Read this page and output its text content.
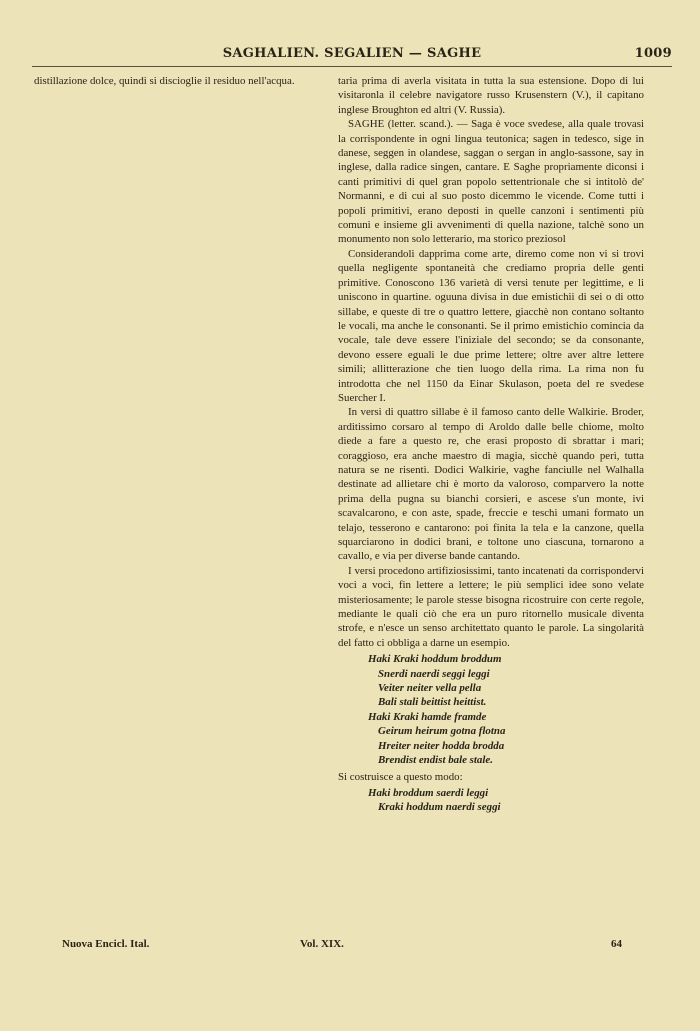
SAGHALIEN. SEGALIEN — SAGHE	1009

distillazione dolce, quindi si discioglie il residuo nell'acqua.	taria prima di averla visitata in tutta la sua estensione. Dopo di lui visitaronla il celebre navigatore russo Krusenstern (V.), il capitano inglese Broughton ed altri (V. Russia).

SAGHE (letter. scand.). — Saga è voce svedese, alla quale trovasi la corrispondente in ogni lingua teutonica; sagen in tedesco, sige in danese, seggen in olandese, saggan o sergan in anglo-sassone, say in inglese, dalla radice singen, cantare. E Saghe propriamente diconsi i canti primitivi di quel gran popolo settentrionale che si intitolò de' Normanni, e di cui al suo posto dicemmo le vicende. Come tutti i popoli primitivi, erano deposti in quelle canzoni i sentimenti più comuni e insieme gli avvenimenti di quella nazione, talchè sono un monumento non solo letterario, ma storico preziosol

Considerandoli dapprima come arte, diremo come non vi si trovi quella negligente spontaneità che crediamo propria delle genti primitive. Conoscono 136 varietà di versi tenute per legittime, e li uniscono in quartine. oguuna divisa in due emistichii di sei o di otto sillabe, e queste di tre o quattro lettere, giacchè non contano soltanto le vocali, ma anche le consonanti. Se il primo emistichio comincia da vocale, tale deve essere l'iniziale del secondo; se da consonante, devono essere eguali le due prime lettere; oltre aver altre lettere simili; allitterazione che tien luogo della rima. La rima non fu introdotta che nel 1150 da Einar Skulason, poeta del re svedese Suercher I.

In versi di quattro sillabe è il famoso canto delle Walkirie. Broder, arditissimo corsaro al tempo di Aroldo dalle belle chiome, molto diede a fare a questo re, che erasi proposto di sbrattar i mari; coraggioso, era anche maestro di magia, sicchè quando perì, tutta natura se ne risentì. Dodici Walkirie, vaghe fanciulle nel Walhalla destinate ad allietare chi è morto da valoroso, comparvero la notte prima della pugna su bianchi corsieri, e ascese s'un monte, ivi scavalcarono, e con aste, spade, freccie e teschi umani formato un telajo, tesserono e cantarono: poi finita la tela e la canzone, quella squarciarono in dodici brani, e toltone uno ciascuna, tornarono a cavallo, e via per diverse bande cantando.

I versi procedono artifiziosissimi, tanto incatenati da corrispondervi voci a voci, fin lettere a lettere; le più semplici idee sono velate misteriosamente; le parole stesse bisogna ricostruire con certe regole, mediante le quali ciò che era un puro ritornello musicale diventa strofe, e n'esce un senso architettato quanto le parole. La singolarità del fatto ci obbliga a darne un esempio.

Haki Kraki hoddum broddum
Snerdi naerdi seggi leggi
Veiter neiter vella pella
Bali stali beittist heittist.
Haki Kraki hamde framde
Geirum heirum gotna flotna
Hreiter neiter hodda brodda
Brendist endist bale stale.

Si costruisce a questo modo:

Haki broddum saerdi leggi
Kraki hoddum naerdi seggi
Nuova Encicl. Ital.	Vol. XIX.	64
